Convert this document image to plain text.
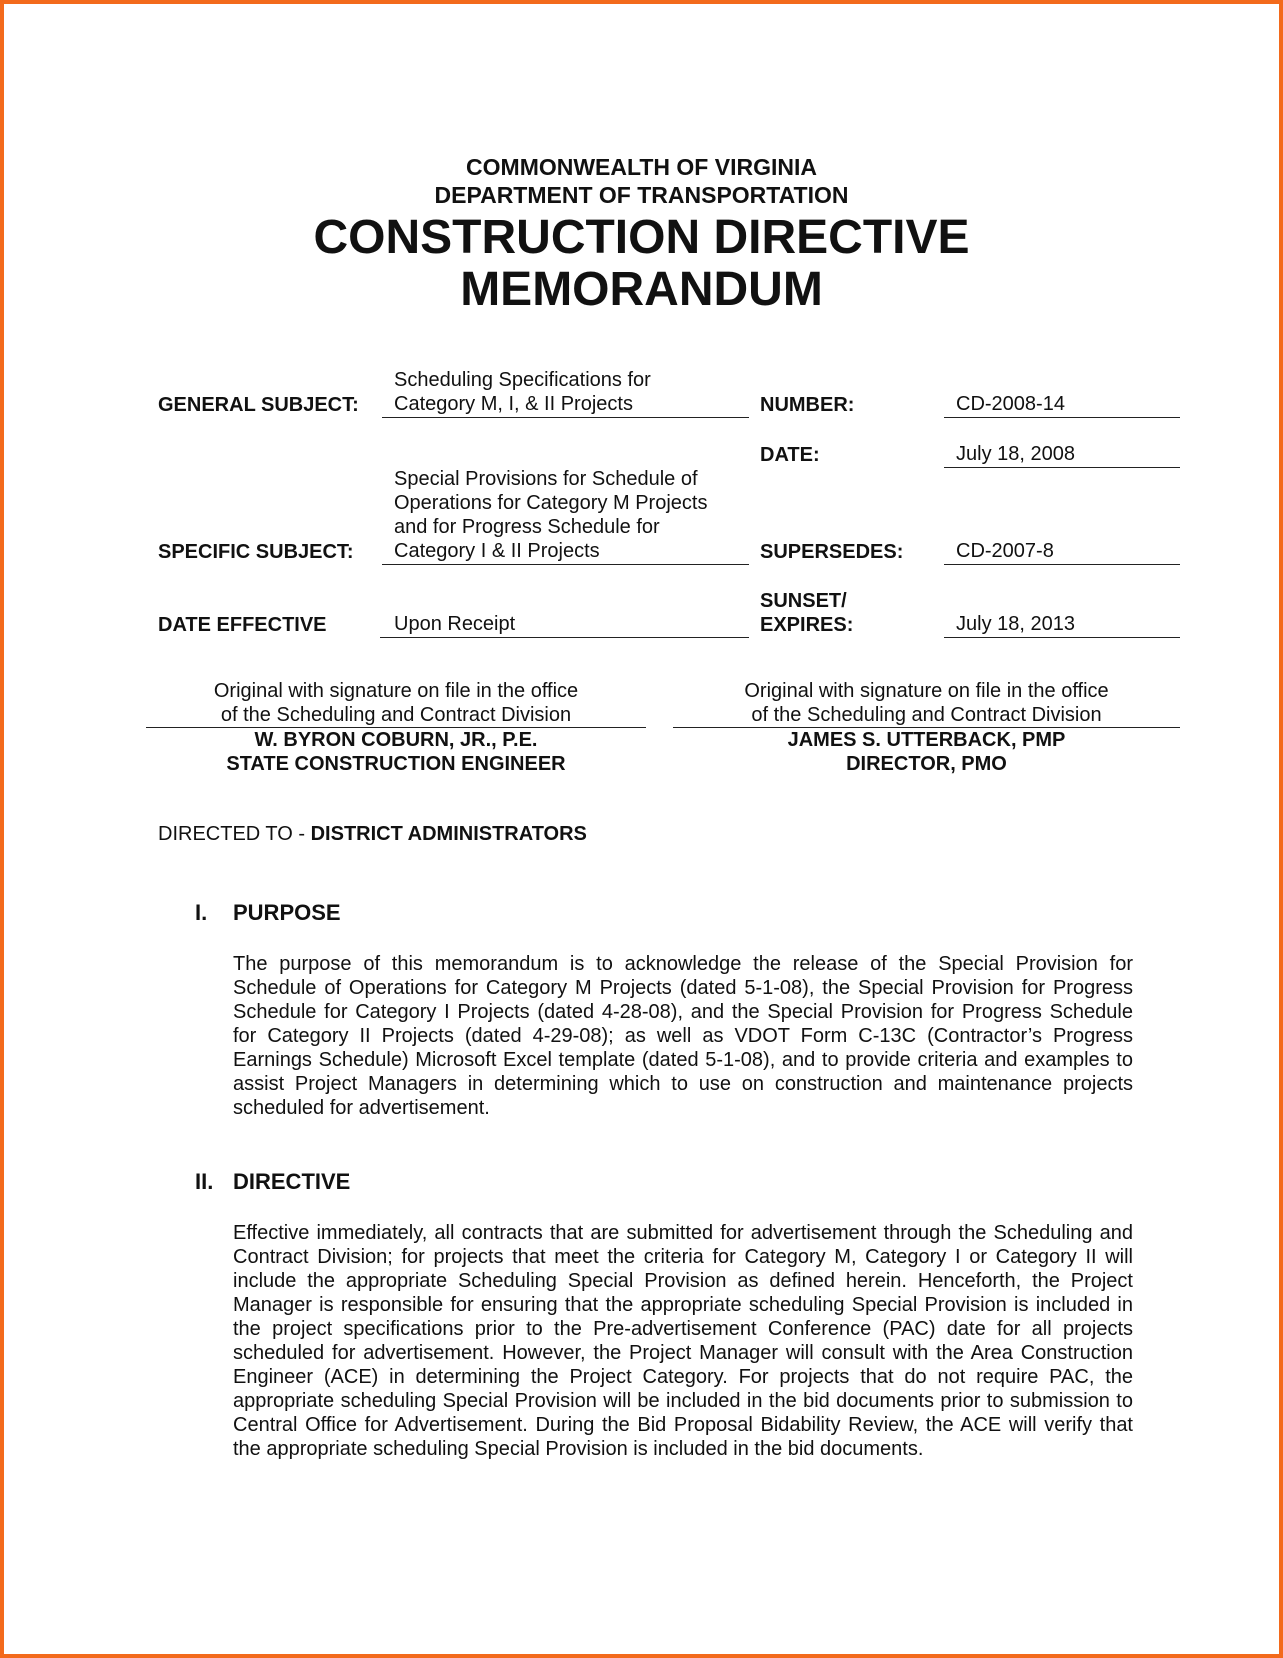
COMMONWEALTH OF VIRGINIA
DEPARTMENT OF TRANSPORTATION
CONSTRUCTION DIRECTIVE
MEMORANDUM
GENERAL SUBJECT:
Scheduling Specifications for
Category M, I, & II Projects	NUMBER:	CD-2008-14
DATE:	July 18, 2008
SPECIFIC SUBJECT:
Special Provisions for Schedule of
Operations for Category M Projects
and for Progress Schedule for
Category I & II Projects	SUPERSEDES:	CD-2007-8
DATE EFFECTIVE	Upon Receipt
SUNSET/
EXPIRES:	July 18, 2013
Original with signature on file in the office
of the Scheduling and Contract Division
W. BYRON COBURN, JR., P.E.
STATE CONSTRUCTION ENGINEER
Original with signature on file in the office
of the Scheduling and Contract Division
JAMES S. UTTERBACK, PMP
DIRECTOR, PMO
DIRECTED TO - DISTRICT ADMINISTRATORS
I. PURPOSE
The purpose of this memorandum is to acknowledge the release of the Special Provision for Schedule of Operations for Category M Projects (dated 5-1-08), the Special Provision for Progress Schedule for Category I Projects (dated 4-28-08), and the Special Provision for Progress Schedule for Category II Projects (dated 4-29-08); as well as VDOT Form C-13C (Contractor’s Progress Earnings Schedule) Microsoft Excel template (dated 5-1-08), and to provide criteria and examples to assist Project Managers in determining which to use on construction and maintenance projects scheduled for advertisement.
II. DIRECTIVE
Effective immediately, all contracts that are submitted for advertisement through the Scheduling and Contract Division; for projects that meet the criteria for Category M, Category I or Category II will include the appropriate Scheduling Special Provision as defined herein. Henceforth, the Project Manager is responsible for ensuring that the appropriate scheduling Special Provision is included in the project specifications prior to the Pre-advertisement Conference (PAC) date for all projects scheduled for advertisement. However, the Project Manager will consult with the Area Construction Engineer (ACE) in determining the Project Category. For projects that do not require PAC, the appropriate scheduling Special Provision will be included in the bid documents prior to submission to Central Office for Advertisement. During the Bid Proposal Bidability Review, the ACE will verify that the appropriate scheduling Special Provision is included in the bid documents.
